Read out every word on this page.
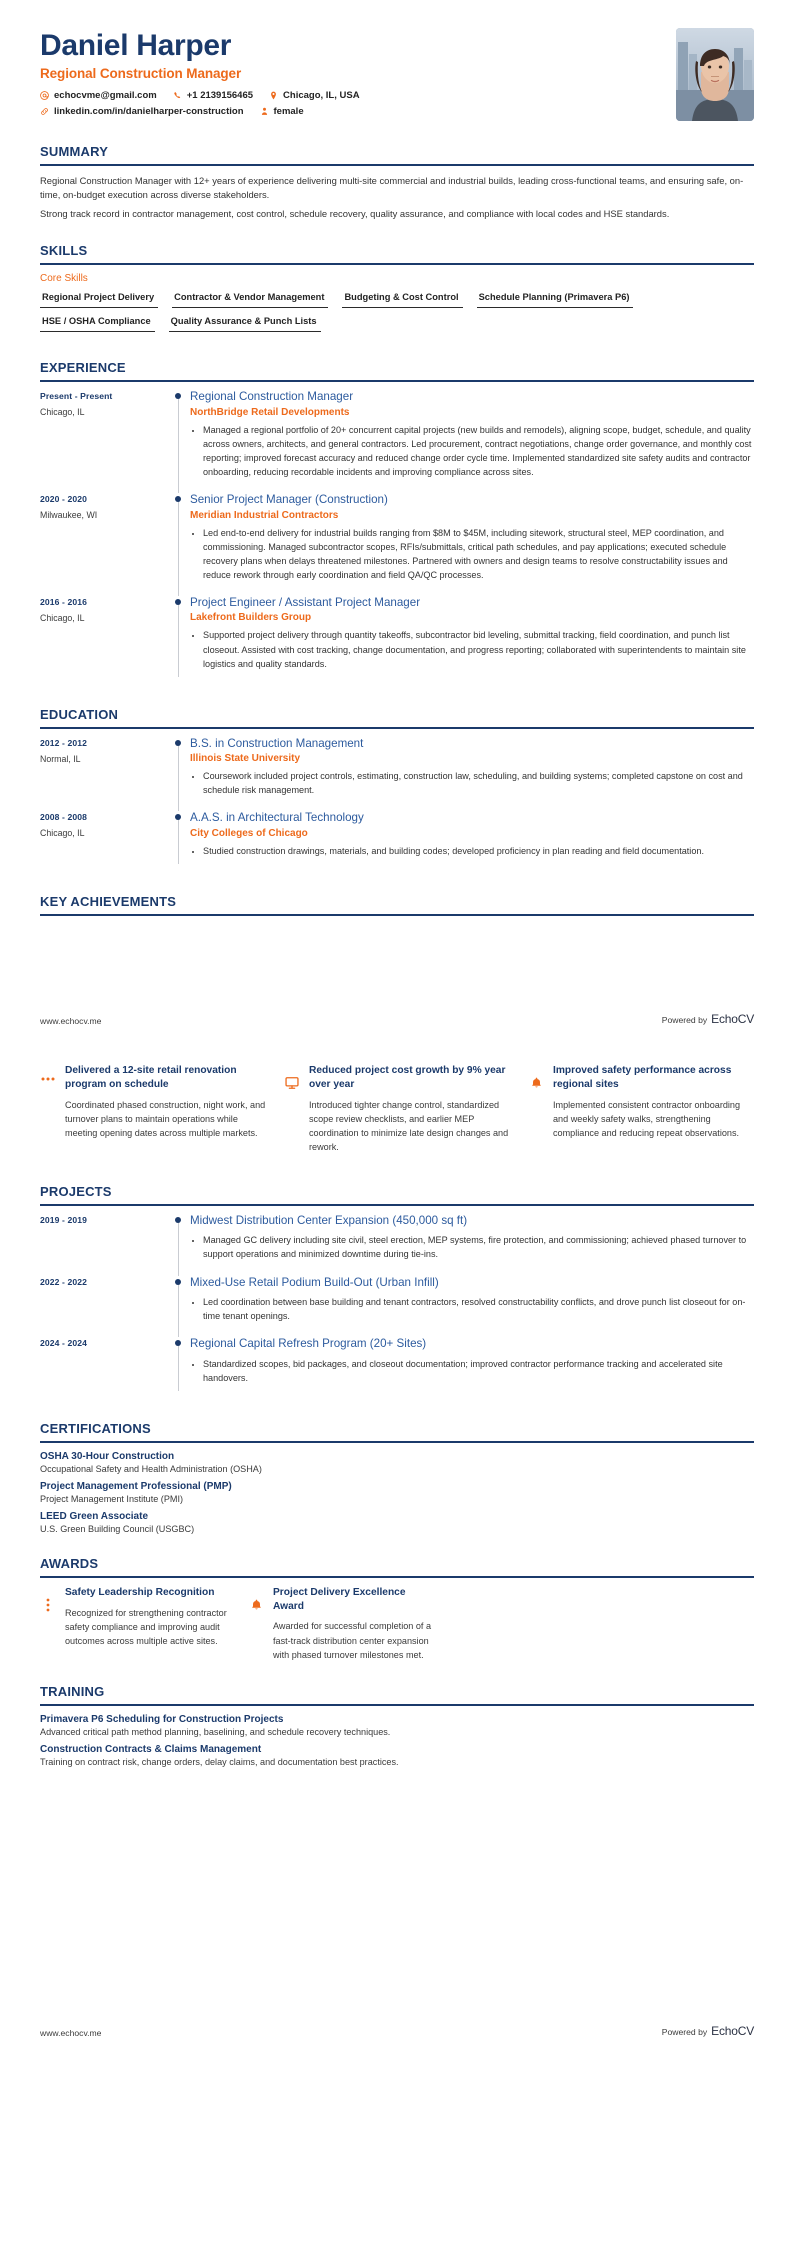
Daniel Harper
Regional Construction Manager
echocvme@gmail.com	+1 2139156465	Chicago, IL, USA
linkedin.com/in/danielharper-construction	female
SUMMARY

Regional Construction Manager with 12+ years of experience delivering multi-site commercial and industrial builds, leading cross-functional teams, and ensuring safe, on-time, on-budget execution across diverse stakeholders.

Strong track record in contractor management, cost control, schedule recovery, quality assurance, and compliance with local codes and HSE standards.

SKILLS
Core Skills
Regional Project Delivery	Contractor & Vendor Management	Budgeting & Cost Control	Schedule Planning (Primavera P6)
HSE / OSHA Compliance	Quality Assurance & Punch Lists
EXPERIENCE
Present - Present
Chicago, IL
Regional Construction Manager
NorthBridge Retail Developments
• Managed a regional portfolio of 20+ concurrent capital projects (new builds and remodels), aligning scope, budget, schedule, and quality across owners, architects, and general contractors. Led procurement, contract negotiations, change order governance, and monthly cost reporting; improved forecast accuracy and reduced change order cycle time. Implemented standardized site safety audits and contractor onboarding, reducing recordable incidents and improving compliance across sites.
2020 - 2020
Milwaukee, WI
Senior Project Manager (Construction)
Meridian Industrial Contractors
• Led end-to-end delivery for industrial builds ranging from $8M to $45M, including sitework, structural steel, MEP coordination, and commissioning. Managed subcontractor scopes, RFIs/submittals, critical path schedules, and pay applications; executed schedule recovery plans when delays threatened milestones. Partnered with owners and design teams to resolve constructability issues and reduce rework through early coordination and field QA/QC processes.
2016 - 2016
Chicago, IL
Project Engineer / Assistant Project Manager
Lakefront Builders Group
• Supported project delivery through quantity takeoffs, subcontractor bid leveling, submittal tracking, field coordination, and punch list closeout. Assisted with cost tracking, change documentation, and progress reporting; collaborated with superintendents to maintain site logistics and quality standards.
EDUCATION
2012 - 2012
Normal, IL
B.S. in Construction Management
Illinois State University
• Coursework included project controls, estimating, construction law, scheduling, and building systems; completed capstone on cost and schedule risk management.
2008 - 2008
Chicago, IL
A.A.S. in Architectural Technology
City Colleges of Chicago
• Studied construction drawings, materials, and building codes; developed proficiency in plan reading and field documentation.
KEY ACHIEVEMENTS
www.echocv.me	Powered by EchoCV
Delivered a 12-site retail renovation program on schedule
Coordinated phased construction, night work, and turnover plans to maintain operations while meeting opening dates across multiple markets.
Reduced project cost growth by 9% year over year
Introduced tighter change control, standardized scope review checklists, and earlier MEP coordination to minimize late design changes and rework.
Improved safety performance across regional sites
Implemented consistent contractor onboarding and weekly safety walks, strengthening compliance and reducing repeat observations.
PROJECTS
2019 - 2019	Midwest Distribution Center Expansion (450,000 sq ft)
• Managed GC delivery including site civil, steel erection, MEP systems, fire protection, and commissioning; achieved phased turnover to support operations and minimized downtime during tie-ins.
2022 - 2022	Mixed-Use Retail Podium Build-Out (Urban Infill)
• Led coordination between base building and tenant contractors, resolved constructability conflicts, and drove punch list closeout for on-time tenant openings.
2024 - 2024	Regional Capital Refresh Program (20+ Sites)
• Standardized scopes, bid packages, and closeout documentation; improved contractor performance tracking and accelerated site handovers.
CERTIFICATIONS
OSHA 30-Hour Construction
Occupational Safety and Health Administration (OSHA)
Project Management Professional (PMP)
Project Management Institute (PMI)
LEED Green Associate
U.S. Green Building Council (USGBC)
AWARDS
Safety Leadership Recognition
Recognized for strengthening contractor safety compliance and improving audit outcomes across multiple active sites.
Project Delivery Excellence Award
Awarded for successful completion of a fast-track distribution center expansion with phased turnover milestones met.
TRAINING
Primavera P6 Scheduling for Construction Projects
Advanced critical path method planning, baselining, and schedule recovery techniques.
Construction Contracts & Claims Management
Training on contract risk, change orders, delay claims, and documentation best practices.
www.echocv.me	Powered by EchoCV
